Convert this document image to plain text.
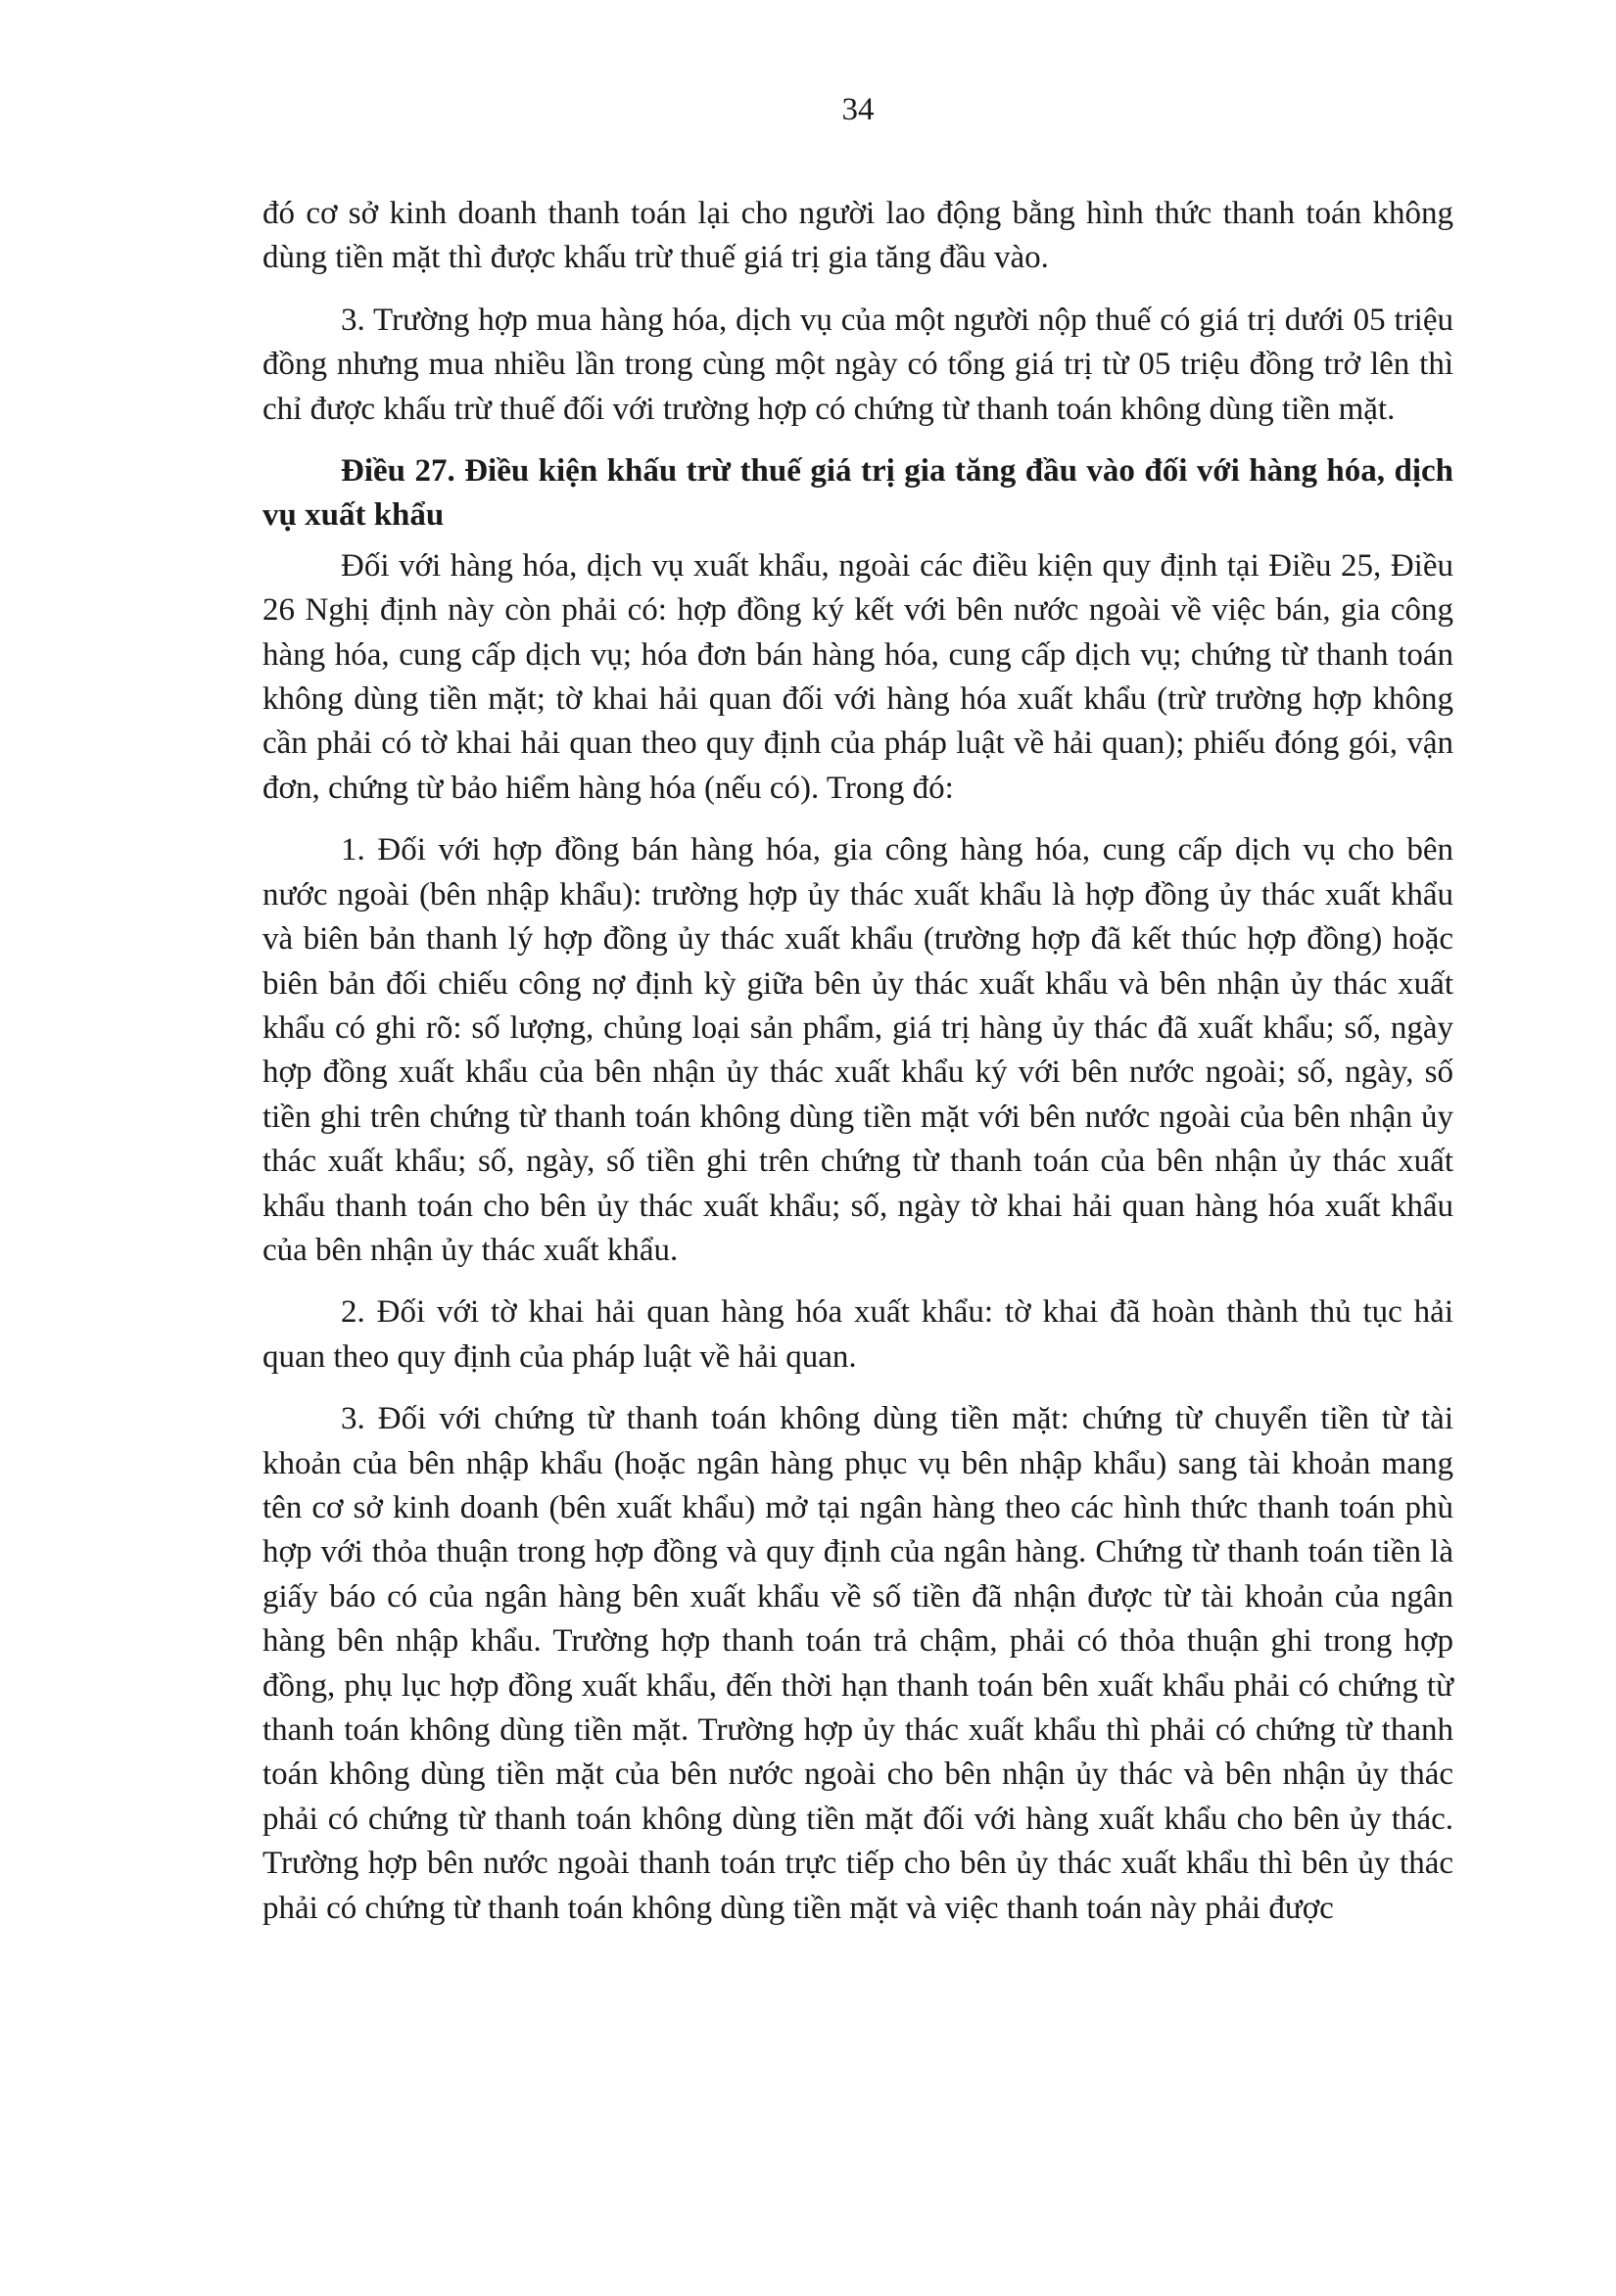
34

đó cơ sở kinh doanh thanh toán lại cho người lao động bằng hình thức thanh toán không dùng tiền mặt thì được khấu trừ thuế giá trị gia tăng đầu vào.

3. Trường hợp mua hàng hóa, dịch vụ của một người nộp thuế có giá trị dưới 05 triệu đồng nhưng mua nhiều lần trong cùng một ngày có tổng giá trị từ 05 triệu đồng trở lên thì chỉ được khấu trừ thuế đối với trường hợp có chứng từ thanh toán không dùng tiền mặt.

Điều 27. Điều kiện khấu trừ thuế giá trị gia tăng đầu vào đối với hàng hóa, dịch vụ xuất khẩu

Đối với hàng hóa, dịch vụ xuất khẩu, ngoài các điều kiện quy định tại Điều 25, Điều 26 Nghị định này còn phải có: hợp đồng ký kết với bên nước ngoài về việc bán, gia công hàng hóa, cung cấp dịch vụ; hóa đơn bán hàng hóa, cung cấp dịch vụ; chứng từ thanh toán không dùng tiền mặt; tờ khai hải quan đối với hàng hóa xuất khẩu (trừ trường hợp không cần phải có tờ khai hải quan theo quy định của pháp luật về hải quan); phiếu đóng gói, vận đơn, chứng từ bảo hiểm hàng hóa (nếu có). Trong đó:

1. Đối với hợp đồng bán hàng hóa, gia công hàng hóa, cung cấp dịch vụ cho bên nước ngoài (bên nhập khẩu): trường hợp ủy thác xuất khẩu là hợp đồng ủy thác xuất khẩu và biên bản thanh lý hợp đồng ủy thác xuất khẩu (trường hợp đã kết thúc hợp đồng) hoặc biên bản đối chiếu công nợ định kỳ giữa bên ủy thác xuất khẩu và bên nhận ủy thác xuất khẩu có ghi rõ: số lượng, chủng loại sản phẩm, giá trị hàng ủy thác đã xuất khẩu; số, ngày hợp đồng xuất khẩu của bên nhận ủy thác xuất khẩu ký với bên nước ngoài; số, ngày, số tiền ghi trên chứng từ thanh toán không dùng tiền mặt với bên nước ngoài của bên nhận ủy thác xuất khẩu; số, ngày, số tiền ghi trên chứng từ thanh toán của bên nhận ủy thác xuất khẩu thanh toán cho bên ủy thác xuất khẩu; số, ngày tờ khai hải quan hàng hóa xuất khẩu của bên nhận ủy thác xuất khẩu.

2. Đối với tờ khai hải quan hàng hóa xuất khẩu: tờ khai đã hoàn thành thủ tục hải quan theo quy định của pháp luật về hải quan.

3. Đối với chứng từ thanh toán không dùng tiền mặt: chứng từ chuyển tiền từ tài khoản của bên nhập khẩu (hoặc ngân hàng phục vụ bên nhập khẩu) sang tài khoản mang tên cơ sở kinh doanh (bên xuất khẩu) mở tại ngân hàng theo các hình thức thanh toán phù hợp với thỏa thuận trong hợp đồng và quy định của ngân hàng. Chứng từ thanh toán tiền là giấy báo có của ngân hàng bên xuất khẩu về số tiền đã nhận được từ tài khoản của ngân hàng bên nhập khẩu. Trường hợp thanh toán trả chậm, phải có thỏa thuận ghi trong hợp đồng, phụ lục hợp đồng xuất khẩu, đến thời hạn thanh toán bên xuất khẩu phải có chứng từ thanh toán không dùng tiền mặt. Trường hợp ủy thác xuất khẩu thì phải có chứng từ thanh toán không dùng tiền mặt của bên nước ngoài cho bên nhận ủy thác và bên nhận ủy thác phải có chứng từ thanh toán không dùng tiền mặt đối với hàng xuất khẩu cho bên ủy thác. Trường hợp bên nước ngoài thanh toán trực tiếp cho bên ủy thác xuất khẩu thì bên ủy thác phải có chứng từ thanh toán không dùng tiền mặt và việc thanh toán này phải được
